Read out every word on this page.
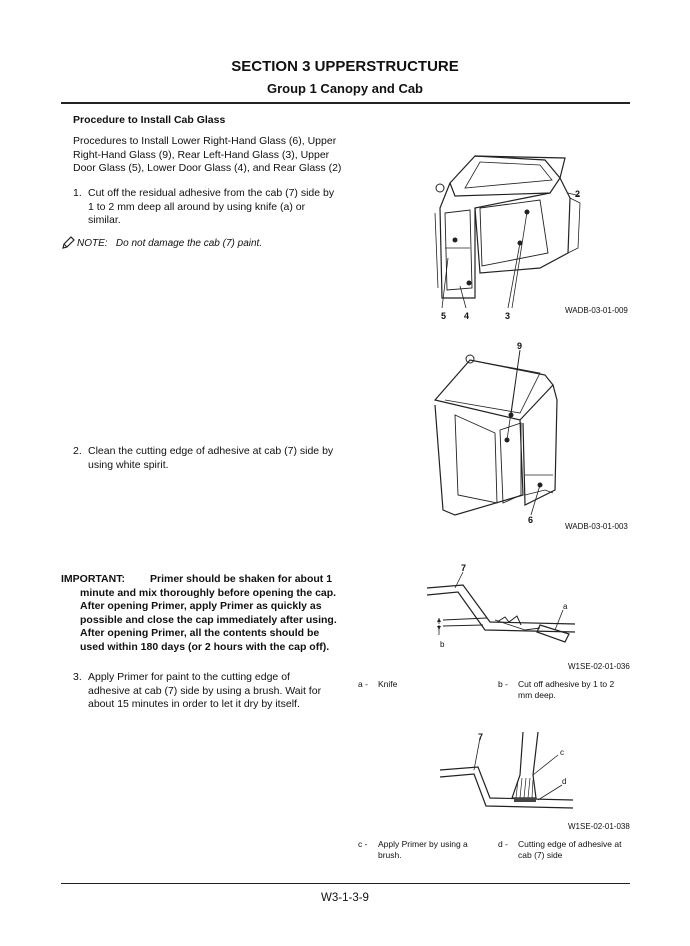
SECTION 3 UPPERSTRUCTURE
Group 1 Canopy and Cab
Procedure to Install Cab Glass
Procedures to Install Lower Right-Hand Glass (6), Upper Right-Hand Glass (9), Rear Left-Hand Glass (3), Upper Door Glass (5), Lower Door Glass (4), and Rear Glass (2)
1. Cut off the residual adhesive from the cab (7) side by 1 to 2 mm deep all around by using knife (a) or similar.
NOTE: Do not damage the cab (7) paint.
2. Clean the cutting edge of adhesive at cab (7) side by using white spirit.
IMPORTANT:	Primer should be shaken for about 1 minute and mix thoroughly before opening the cap. After opening Primer, apply Primer as quickly as possible and close the cap immediately after using. After opening Primer, all the contents should be used within 180 days (or 2 hours with the cap off).
3. Apply Primer for paint to the cutting edge of adhesive at cab (7) side by using a brush. Wait for about 15 minutes in order to let it dry by itself.
2
5 4	3
WADB-03-01-009
9
6
WADB-03-01-003
7
a
b
W1SE-02-01-036
a - Knife	b - Cut off adhesive by 1 to 2 mm deep.
7
c
d
W1SE-02-01-038
c - Apply Primer by using a brush.
d - Cutting edge of adhesive at cab (7) side
W3-1-3-9
